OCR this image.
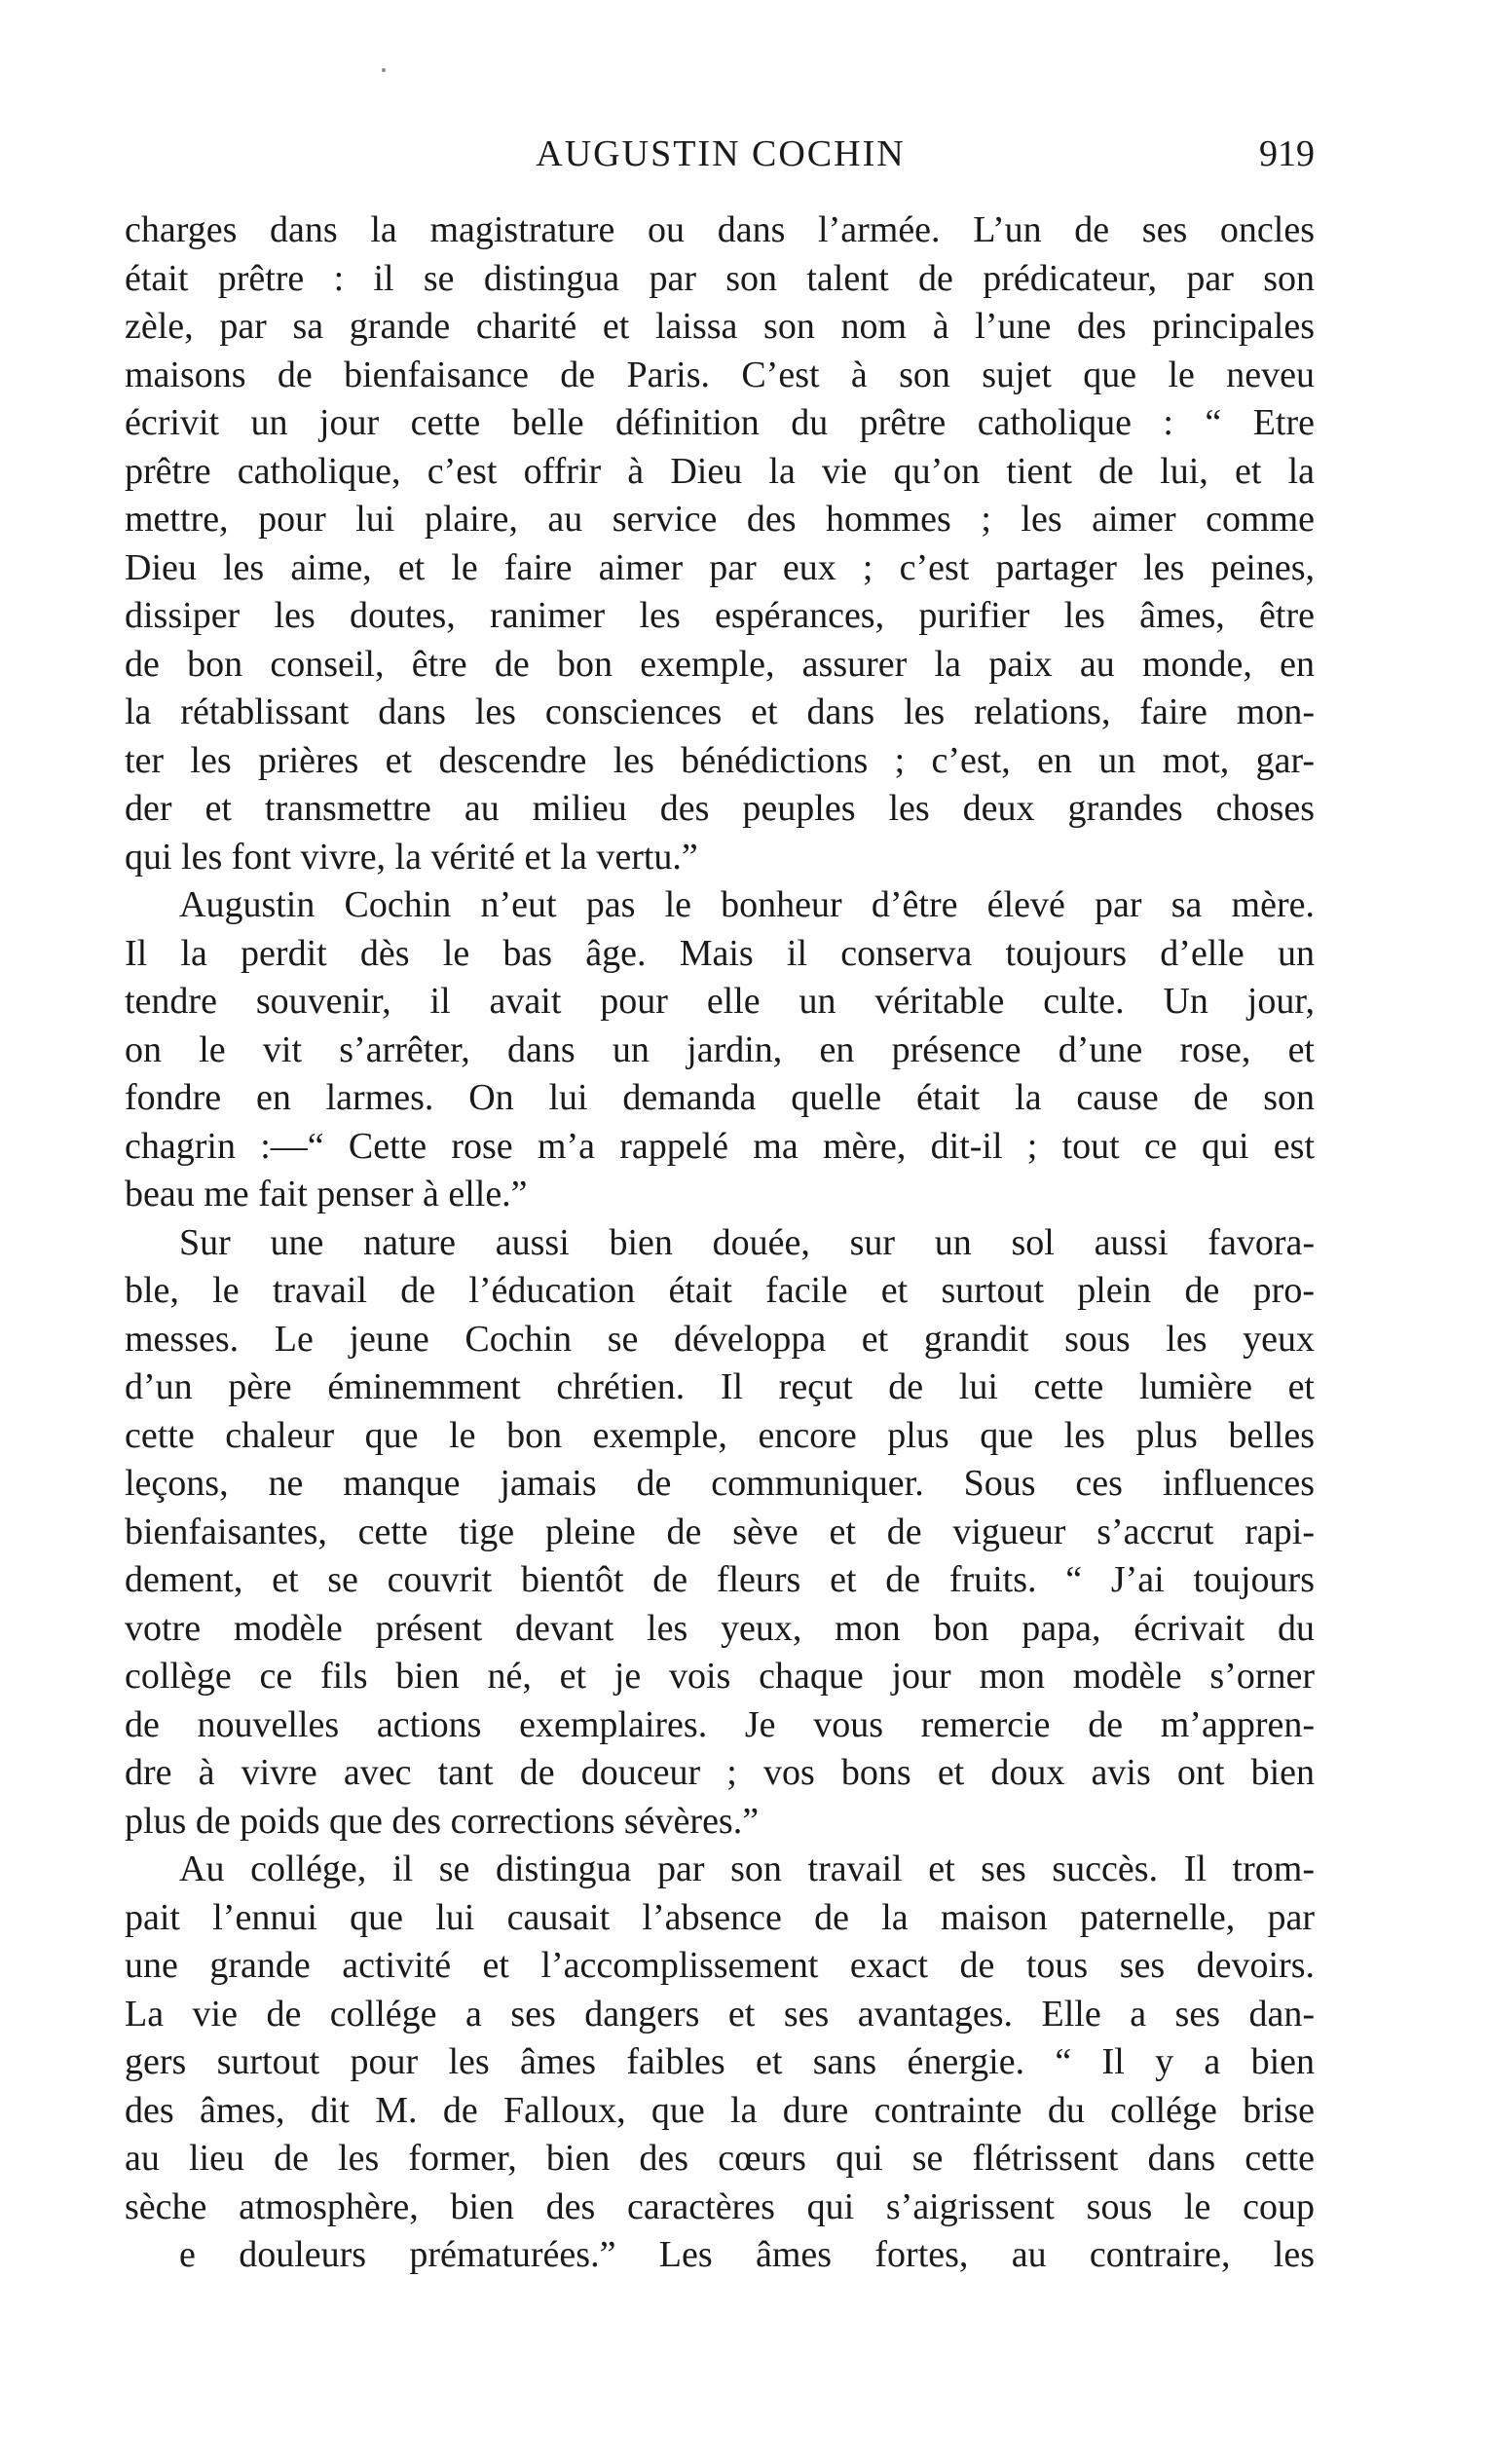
AUGUSTIN COCHIN	919
charges dans la magistrature ou dans l’armée. L’un de ses oncles
était prêtre : il se distingua par son talent de prédicateur, par son
zèle, par sa grande charité et laissa son nom à l’une des principales
maisons de bienfaisance de Paris. C’est à son sujet que le neveu
écrivit un jour cette belle définition du prêtre catholique : “ Etre
prêtre catholique, c’est offrir à Dieu la vie qu’on tient de lui, et la
mettre, pour lui plaire, au service des hommes ; les aimer comme
Dieu les aime, et le faire aimer par eux ; c’est partager les peines,
dissiper les doutes, ranimer les espérances, purifier les âmes, être
de bon conseil, être de bon exemple, assurer la paix au monde, en
la rétablissant dans les consciences et dans les relations, faire mon-
ter les prières et descendre les bénédictions ; c’est, en un mot, gar-
der et transmettre au milieu des peuples les deux grandes choses
qui les font vivre, la vérité et la vertu.”
Augustin Cochin n’eut pas le bonheur d’être élevé par sa mère.
Il la perdit dès le bas âge. Mais il conserva toujours d’elle un
tendre souvenir, il avait pour elle un véritable culte. Un jour,
on le vit s’arrêter, dans un jardin, en présence d’une rose, et
fondre en larmes. On lui demanda quelle était la cause de son
chagrin :—“ Cette rose m’a rappelé ma mère, dit-il ; tout ce qui est
beau me fait penser à elle.”
Sur une nature aussi bien douée, sur un sol aussi favora-
ble, le travail de l’éducation était facile et surtout plein de pro-
messes. Le jeune Cochin se développa et grandit sous les yeux
d’un père éminemment chrétien. Il reçut de lui cette lumière et
cette chaleur que le bon exemple, encore plus que les plus belles
leçons, ne manque jamais de communiquer. Sous ces influences
bienfaisantes, cette tige pleine de sève et de vigueur s’accrut rapi-
dement, et se couvrit bientôt de fleurs et de fruits. “ J’ai toujours
votre modèle présent devant les yeux, mon bon papa, écrivait du
collège ce fils bien né, et je vois chaque jour mon modèle s’orner
de nouvelles actions exemplaires. Je vous remercie de m’appren-
dre à vivre avec tant de douceur ; vos bons et doux avis ont bien
plus de poids que des corrections sévères.”
Au collége, il se distingua par son travail et ses succès. Il trom-
pait l’ennui que lui causait l’absence de la maison paternelle, par
une grande activité et l’accomplissement exact de tous ses devoirs.
La vie de collége a ses dangers et ses avantages. Elle a ses dan-
gers surtout pour les âmes faibles et sans énergie. “ Il y a bien
des âmes, dit M. de Falloux, que la dure contrainte du collége brise
au lieu de les former, bien des cœurs qui se flétrissent dans cette
sèche atmosphère, bien des caractères qui s’aigrissent sous le coup
e douleurs prématurées.” Les âmes fortes, au contraire, les
